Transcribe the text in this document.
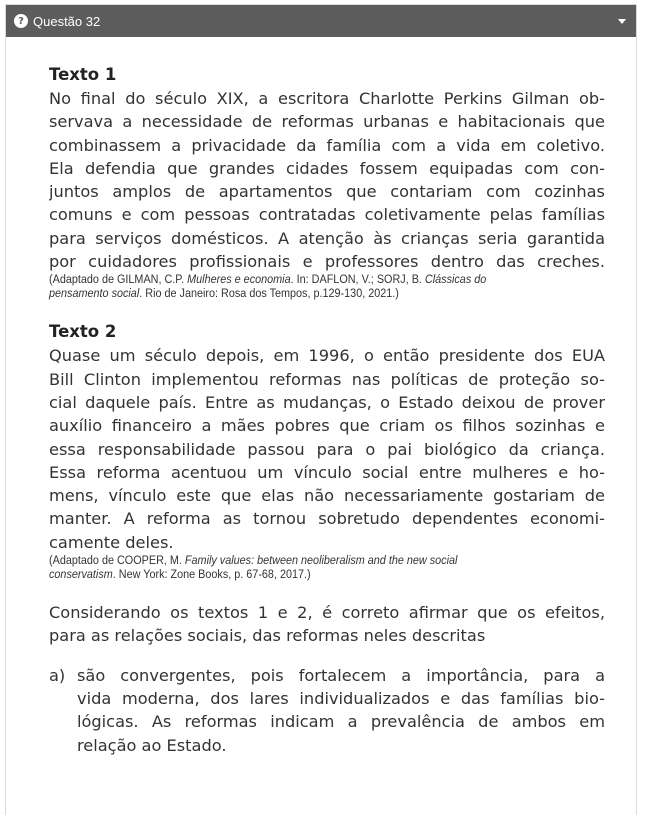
? Questão 32
Texto 1
No final do século XIX, a escritora Charlotte Perkins Gilman ob-
servava a necessidade de reformas urbanas e habitacionais que
combinassem a privacidade da família com a vida em coletivo.
Ela defendia que grandes cidades fossem equipadas com con-
juntos amplos de apartamentos que contariam com cozinhas
comuns e com pessoas contratadas coletivamente pelas famílias
para serviços domésticos. A atenção às crianças seria garantida
por cuidadores profissionais e professores dentro das creches.
(Adaptado de GILMAN, C.P. Mulheres e economia. In: DAFLON, V.; SORJ, B. Clássicas do
pensamento social. Rio de Janeiro: Rosa dos Tempos, p.129-130, 2021.)
Texto 2
Quase um século depois, em 1996, o então presidente dos EUA
Bill Clinton implementou reformas nas políticas de proteção so-
cial daquele país. Entre as mudanças, o Estado deixou de prover
auxílio financeiro a mães pobres que criam os filhos sozinhas e
essa responsabilidade passou para o pai biológico da criança.
Essa reforma acentuou um vínculo social entre mulheres e ho-
mens, vínculo este que elas não necessariamente gostariam de
manter. A reforma as tornou sobretudo dependentes economi-
camente deles.
(Adaptado de COOPER, M. Family values: between neoliberalism and the new social
conservatism. New York: Zone Books, p. 67-68, 2017.)
Considerando os textos 1 e 2, é correto afirmar que os efeitos,
para as relações sociais, das reformas neles descritas
a) são convergentes, pois fortalecem a importância, para a
vida moderna, dos lares individualizados e das famílias bio-
lógicas. As reformas indicam a prevalência de ambos em
relação ao Estado.
